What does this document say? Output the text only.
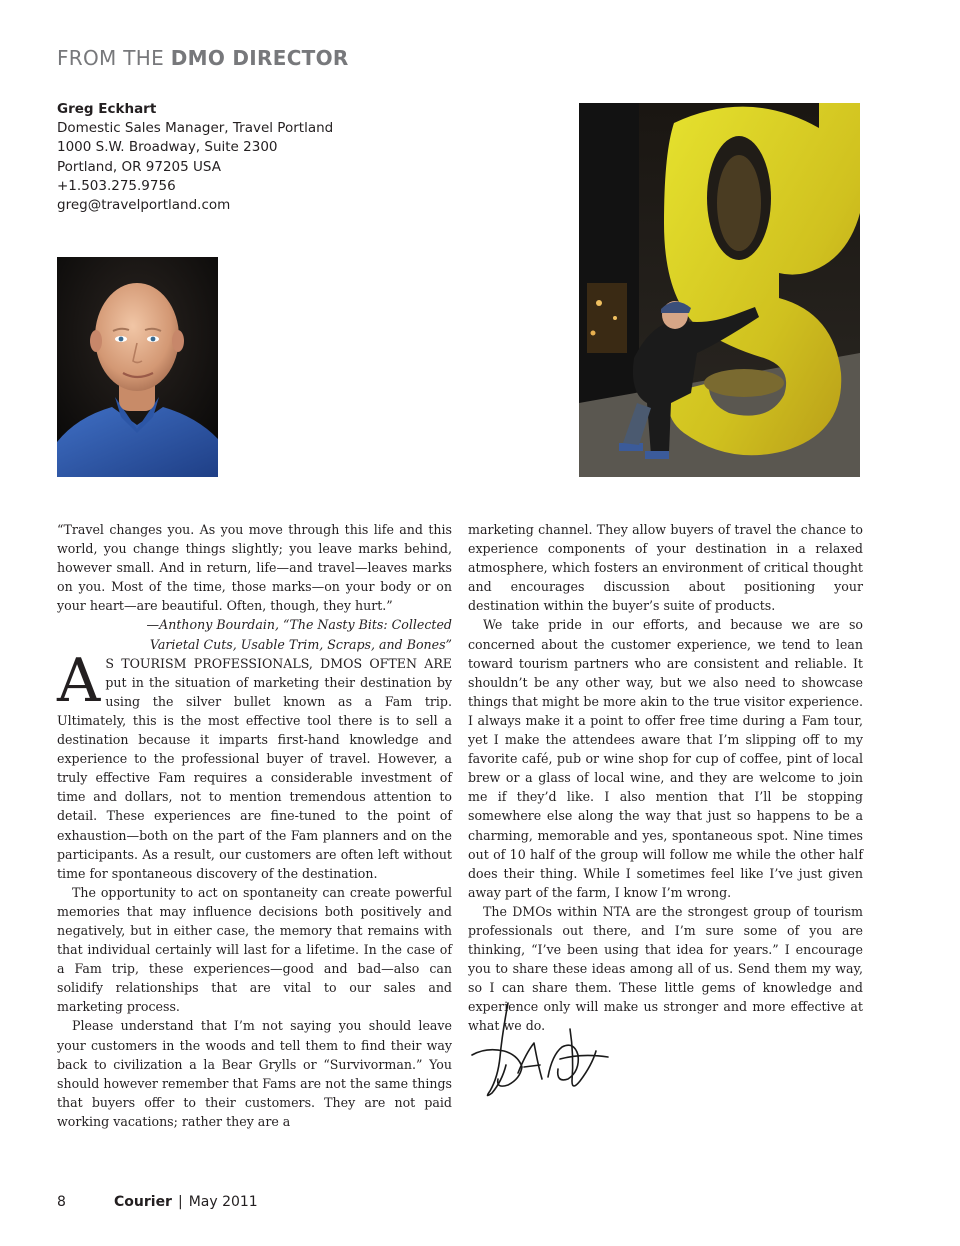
FROM THE DMO DIRECTOR
Greg Eckhart
Domestic Sales Manager, Travel Portland
1000 S.W. Broadway, Suite 2300
Portland, OR 97205 USA
+1.503.275.9756
greg@travelportland.com

“Travel changes you. As you move through this life and this world, you change things slightly; you leave marks behind, however small. And in return, life—and travel—leaves marks on you. Most of the time, those marks—on your body or on your heart—are beautiful. Often, though, they hurt.”

—Anthony Bourdain, “The Nasty Bits: Collected
Varietal Cuts, Usable Trim, Scraps, and Bones”

A S TOURISM PROFESSIONALS, DMOS OFTEN ARE put in the situation of marketing their destination by using the silver bullet known as a Fam trip. Ultimately, this is the most effective tool there is to sell a destination because it imparts first-hand knowledge and experience to the professional buyer of travel. However, a truly effective Fam requires a considerable investment of time and dollars, not to mention tremendous attention to detail. These experiences are fine-tuned to the point of exhaustion—both on the part of the Fam planners and on the participants. As a result, our customers are often left without time for spontaneous discovery of the destination.

The opportunity to act on spontaneity can create powerful memories that may influence decisions both positively and negatively, but in either case, the memory that remains with that individual certainly will last for a lifetime. In the case of a Fam trip, these experiences—good and bad—also can solidify relationships that are vital to our sales and marketing process.

Please understand that I’m not saying you should leave your customers in the woods and tell them to find their way back to civilization a la Bear Grylls or “Survivorman.” You should however remember that Fams are not the same things that buyers offer to their customers. They are not paid working vacations; rather they are a

marketing channel. They allow buyers of travel the chance to experience components of your destination in a relaxed atmosphere, which fosters an environment of critical thought and encourages discussion about positioning your destination within the buyer’s suite of products.

We take pride in our efforts, and because we are so concerned about the customer experience, we tend to lean toward tourism partners who are consistent and reliable. It shouldn’t be any other way, but we also need to showcase things that might be more akin to the true visitor experience. I always make it a point to offer free time during a Fam tour, yet I make the attendees aware that I’m slipping off to my favorite café, pub or wine shop for cup of coffee, pint of local brew or a glass of local wine, and they are welcome to join me if they’d like. I also mention that I’ll be stopping somewhere else along the way that just so happens to be a charming, memorable and yes, spontaneous spot. Nine times out of 10 half of the group will follow me while the other half does their thing. While I sometimes feel like I’ve just given away part of the farm, I know I’m wrong.

The DMOs within NTA are the strongest group of tourism professionals out there, and I’m sure some of you are thinking, “I’ve been using that idea for years.” I encourage you to share these ideas among all of us. Send them my way, so I can share them. These little gems of knowledge and experience only will make us stronger and more effective at what we do.

8	Courier | May 2011
